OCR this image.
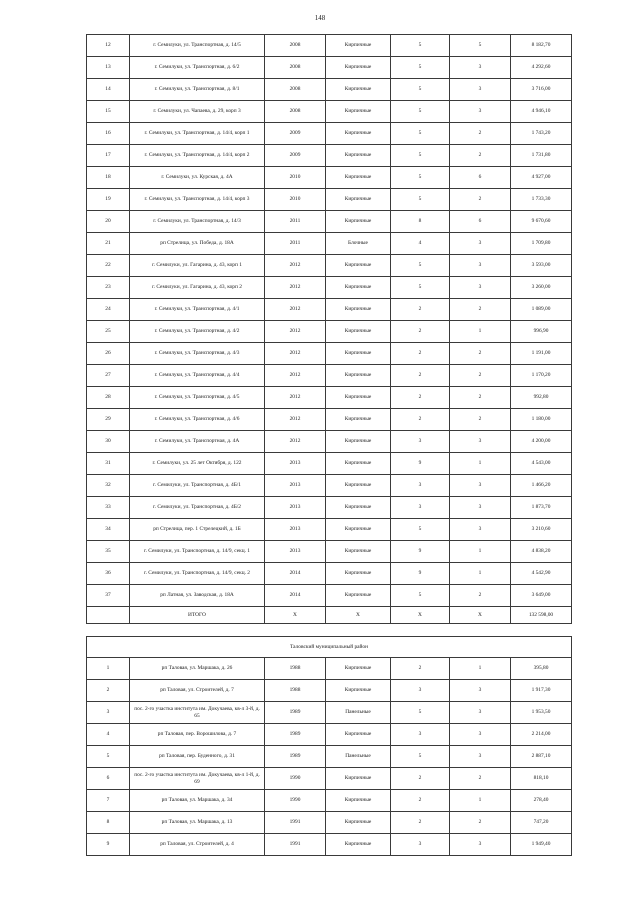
148
12	г. Семилуки, ул. Транспортная, д. 14/5	2008	Кирпичные	5	5	8 182,70
13	г. Семилуки, ул. Транспортная, д. 6/2	2008	Кирпичные	5	3	4 292,60
14	г. Семилуки, ул. Транспортная, д. 8/1	2008	Кирпичные	5	3	3 716,00
15	г. Семилуки, ул. Чапаева, д. 29, корп 3	2008	Кирпичные	5	3	4 946,10
16	г. Семилуки, ул. Транспортная, д. 14/4, корп 1	2009	Кирпичные	5	2	1 743,20
17	г. Семилуки, ул. Транспортная, д. 14/4, корп 2	2009	Кирпичные	5	2	1 731,80
18	г. Семилуки, ул. Курская, д. 4А	2010	Кирпичные	5	6	4 927,00
19	г. Семилуки, ул. Транспортная, д. 14/4, корп 3	2010	Кирпичные	5	2	1 733,30
20	г. Семилуки, ул. Транспортная, д. 14/3	2011	Кирпичные	8	6	9 670,60
21	рп Стрелица, ул. Победа, д. 18А	2011	Блочные	4	3	1 709,80
22	г. Семилуки, ул. Гагарина, д. 43, корп 1	2012	Кирпичные	5	3	3 593,00
23	г. Семилуки, ул. Гагарина, д. 43, корп 2	2012	Кирпичные	5	3	3 260,00
24	г. Семилуки, ул. Транспортная, д. 4/1	2012	Кирпичные	2	2	1 089,00
25	г. Семилуки, ул. Транспортная, д. 4/2	2012	Кирпичные	2	1	996,90
26	г. Семилуки, ул. Транспортная, д. 4/3	2012	Кирпичные	2	2	1 191,00
27	г. Семилуки, ул. Транспортная, д. 4/4	2012	Кирпичные	2	2	1 170,20
28	г. Семилуки, ул. Транспортная, д. 4/5	2012	Кирпичные	2	2	992,80
29	г. Семилуки, ул. Транспортная, д. 4/6	2012	Кирпичные	2	2	1 180,00
30	г. Семилуки, ул. Транспортная, д. 4А	2012	Кирпичные	3	3	4 200,00
31	г. Семилуки, ул. 25 лет Октября, д. 122	2013	Кирпичные	9	1	4 543,00
32	г. Семилуки, ул. Транспортная, д. 4Б/1	2013	Кирпичные	3	3	1 466,20
33	г. Семилуки, ул. Транспортная, д. 4Б/2	2013	Кирпичные	3	3	1 873,70
34	рп Стрелица, пер. 1 Стрелецкий, д. 1Б	2013	Кирпичные	5	3	3 210,60
35	г. Семилуки, ул. Транспортная, д. 14/9, секц. 1	2013	Кирпичные	9	1	4 838,20
36	г. Семилуки, ул. Транспортная, д. 14/9, секц. 2	2014	Кирпичные	9	1	4 542,90
37	рп Латная, ул. Заводская, д. 18А	2014	Кирпичные	5	2	3 649,00
	ИТОГО	X	X	X	X	132 598,00

Таловский муниципальный район						
1	рп Таловая, ул. Маршака, д. 26	1988	Кирпичные	2	1	395,80
2	рп Таловая, ул. Строителей, д. 7	1988	Кирпичные	3	3	1 917,30
3	пос. 2-го участка института им. Докучаева, кв-л 3-й, д. 65	1989	Панельные	5	3	1 953,50
4	рп Таловая, пер. Ворошилова, д. 7	1989	Кирпичные	3	3	2 214,00
5	рп Таловая, пер. Буденного, д. 31	1989	Панельные	5	3	2 887,10
6	пос. 2-го участка института им. Докучаева, кв-л 1-й, д. 69	1990	Кирпичные	2	2	818,10
7	рп Таловая, ул. Маршака, д. 34	1990	Кирпичные	2	1	278,40
8	рп Таловая, ул. Маршака, д. 13	1991	Кирпичные	2	2	747,20
9	рп Таловая, ул. Строителей, д. 4	1991	Кирпичные	3	3	1 949,40
